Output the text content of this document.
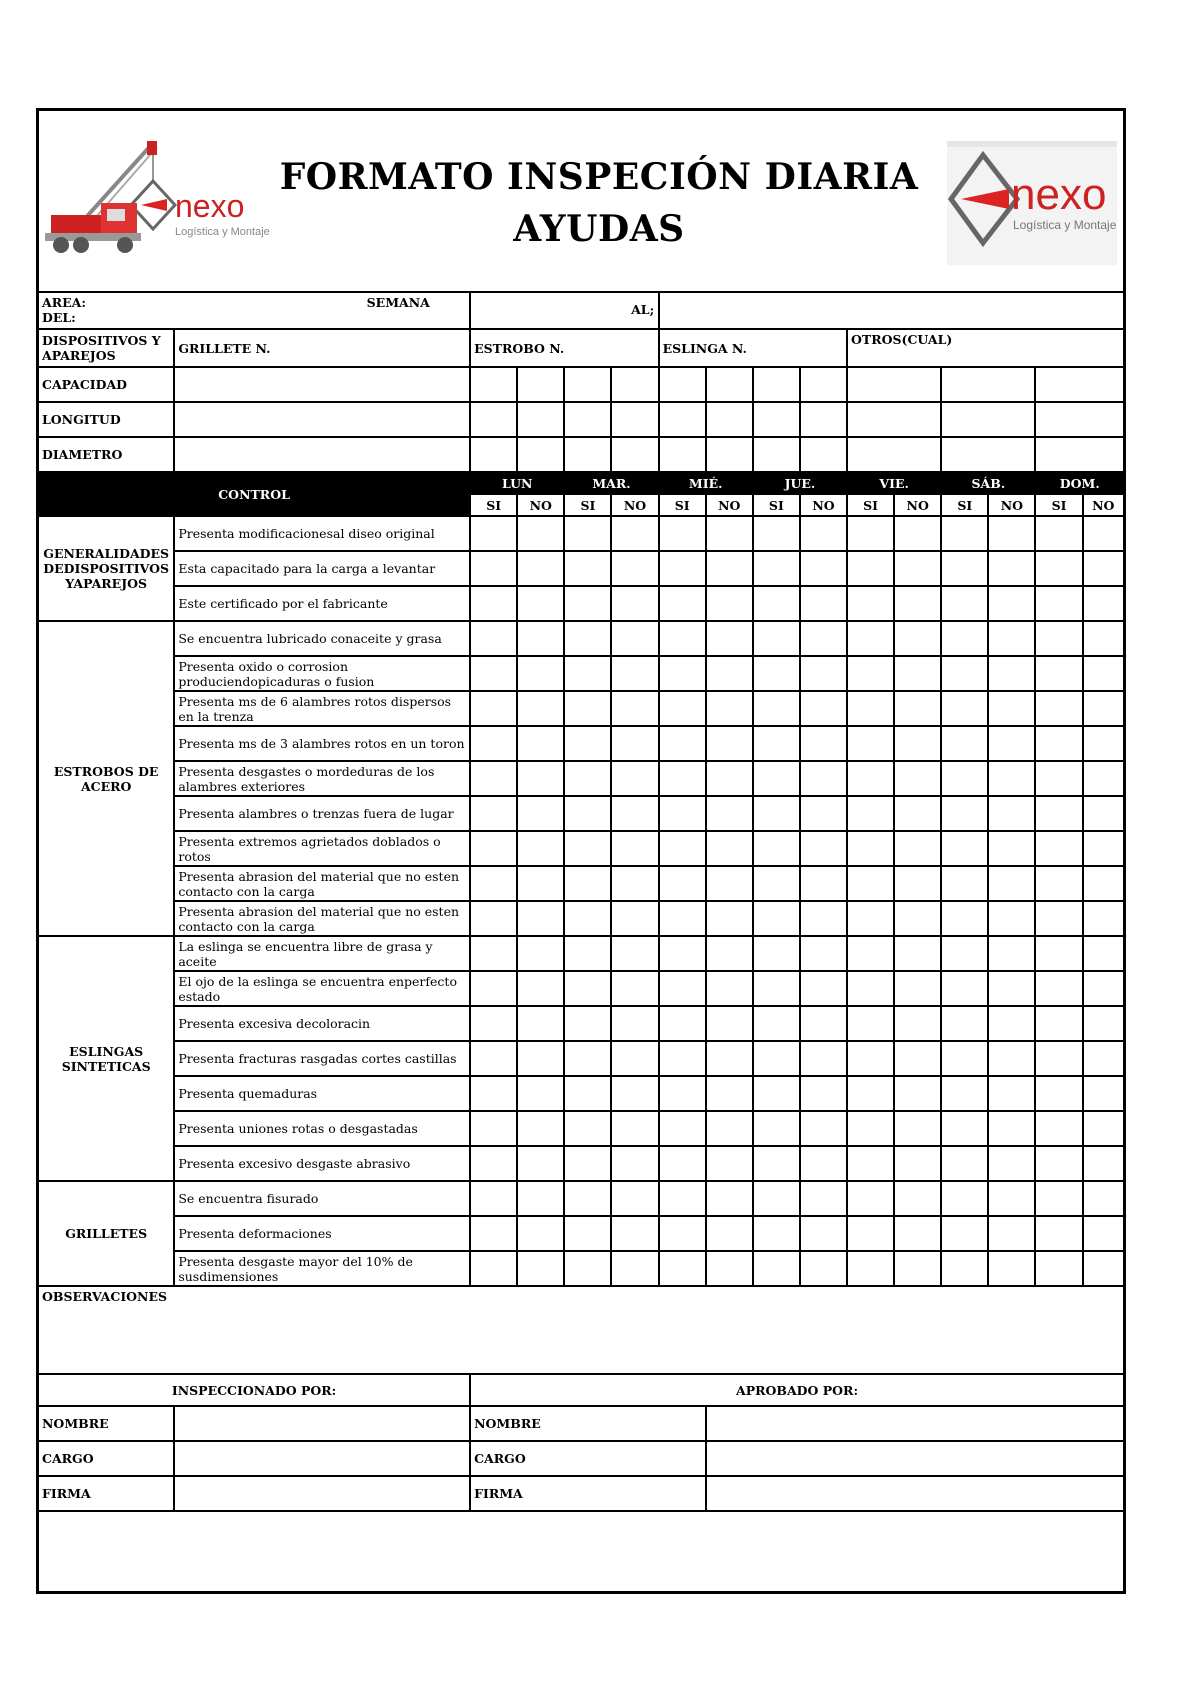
nexo
Logística y Montaje
FORMATO INSPECIÓN DIARIA
AYUDAS
nexo
Logística y Montaje
AREA: SEMANA DEL:		AL;													
DISPOSITIVOS Y APAREJOS	GRILLETE N.	ESTROBO N.				ESLINGA N.				OTROS(CUAL)					
CAPACIDAD															
LONGITUD															
DIAMETRO															
CONTROL		LUN		MAR.		MIÉ.		JUE.		VIE.		SÁB.		DOM.	
		SI	NO	SI	NO	SI	NO	SI	NO	SI	NO	SI	NO	SI	NO
GENERALIDADES DEDISPOSITIVOS YAPAREJOS	Presenta modificacionesal diseo original														
	Esta capacitado para la carga a levantar														
	Este certificado por el fabricante														
ESTROBOS DE ACERO	Se encuentra lubricado conaceite y grasa														
	Presenta oxido o corrosion produciendopicaduras o fusion														
	Presenta ms de 6 alambres rotos dispersos en la trenza														
	Presenta ms de 3 alambres rotos en un toron														
	Presenta desgastes o mordeduras de los alambres exteriores														
	Presenta alambres o trenzas fuera de lugar														
	Presenta extremos agrietados doblados o rotos														
	Presenta abrasion del material que no esten contacto con la carga														
	Presenta abrasion del material que no esten contacto con la carga														
ESLINGAS SINTETICAS	La eslinga se encuentra libre de grasa y aceite														
	El ojo de la eslinga se encuentra enperfecto estado														
	Presenta excesiva decoloracin														
	Presenta fracturas rasgadas cortes castillas														
	Presenta quemaduras														
	Presenta uniones rotas o desgastadas														
	Presenta excesivo desgaste abrasivo														
GRILLETES	Se encuentra fisurado														
	Presenta deformaciones														
	Presenta desgaste mayor del 10% de susdimensiones														
OBSERVACIONES															
INSPECCIONADO POR:		APROBADO POR:													
NOMBRE		NOMBRE													
CARGO		CARGO													
FIRMA		FIRMA													
